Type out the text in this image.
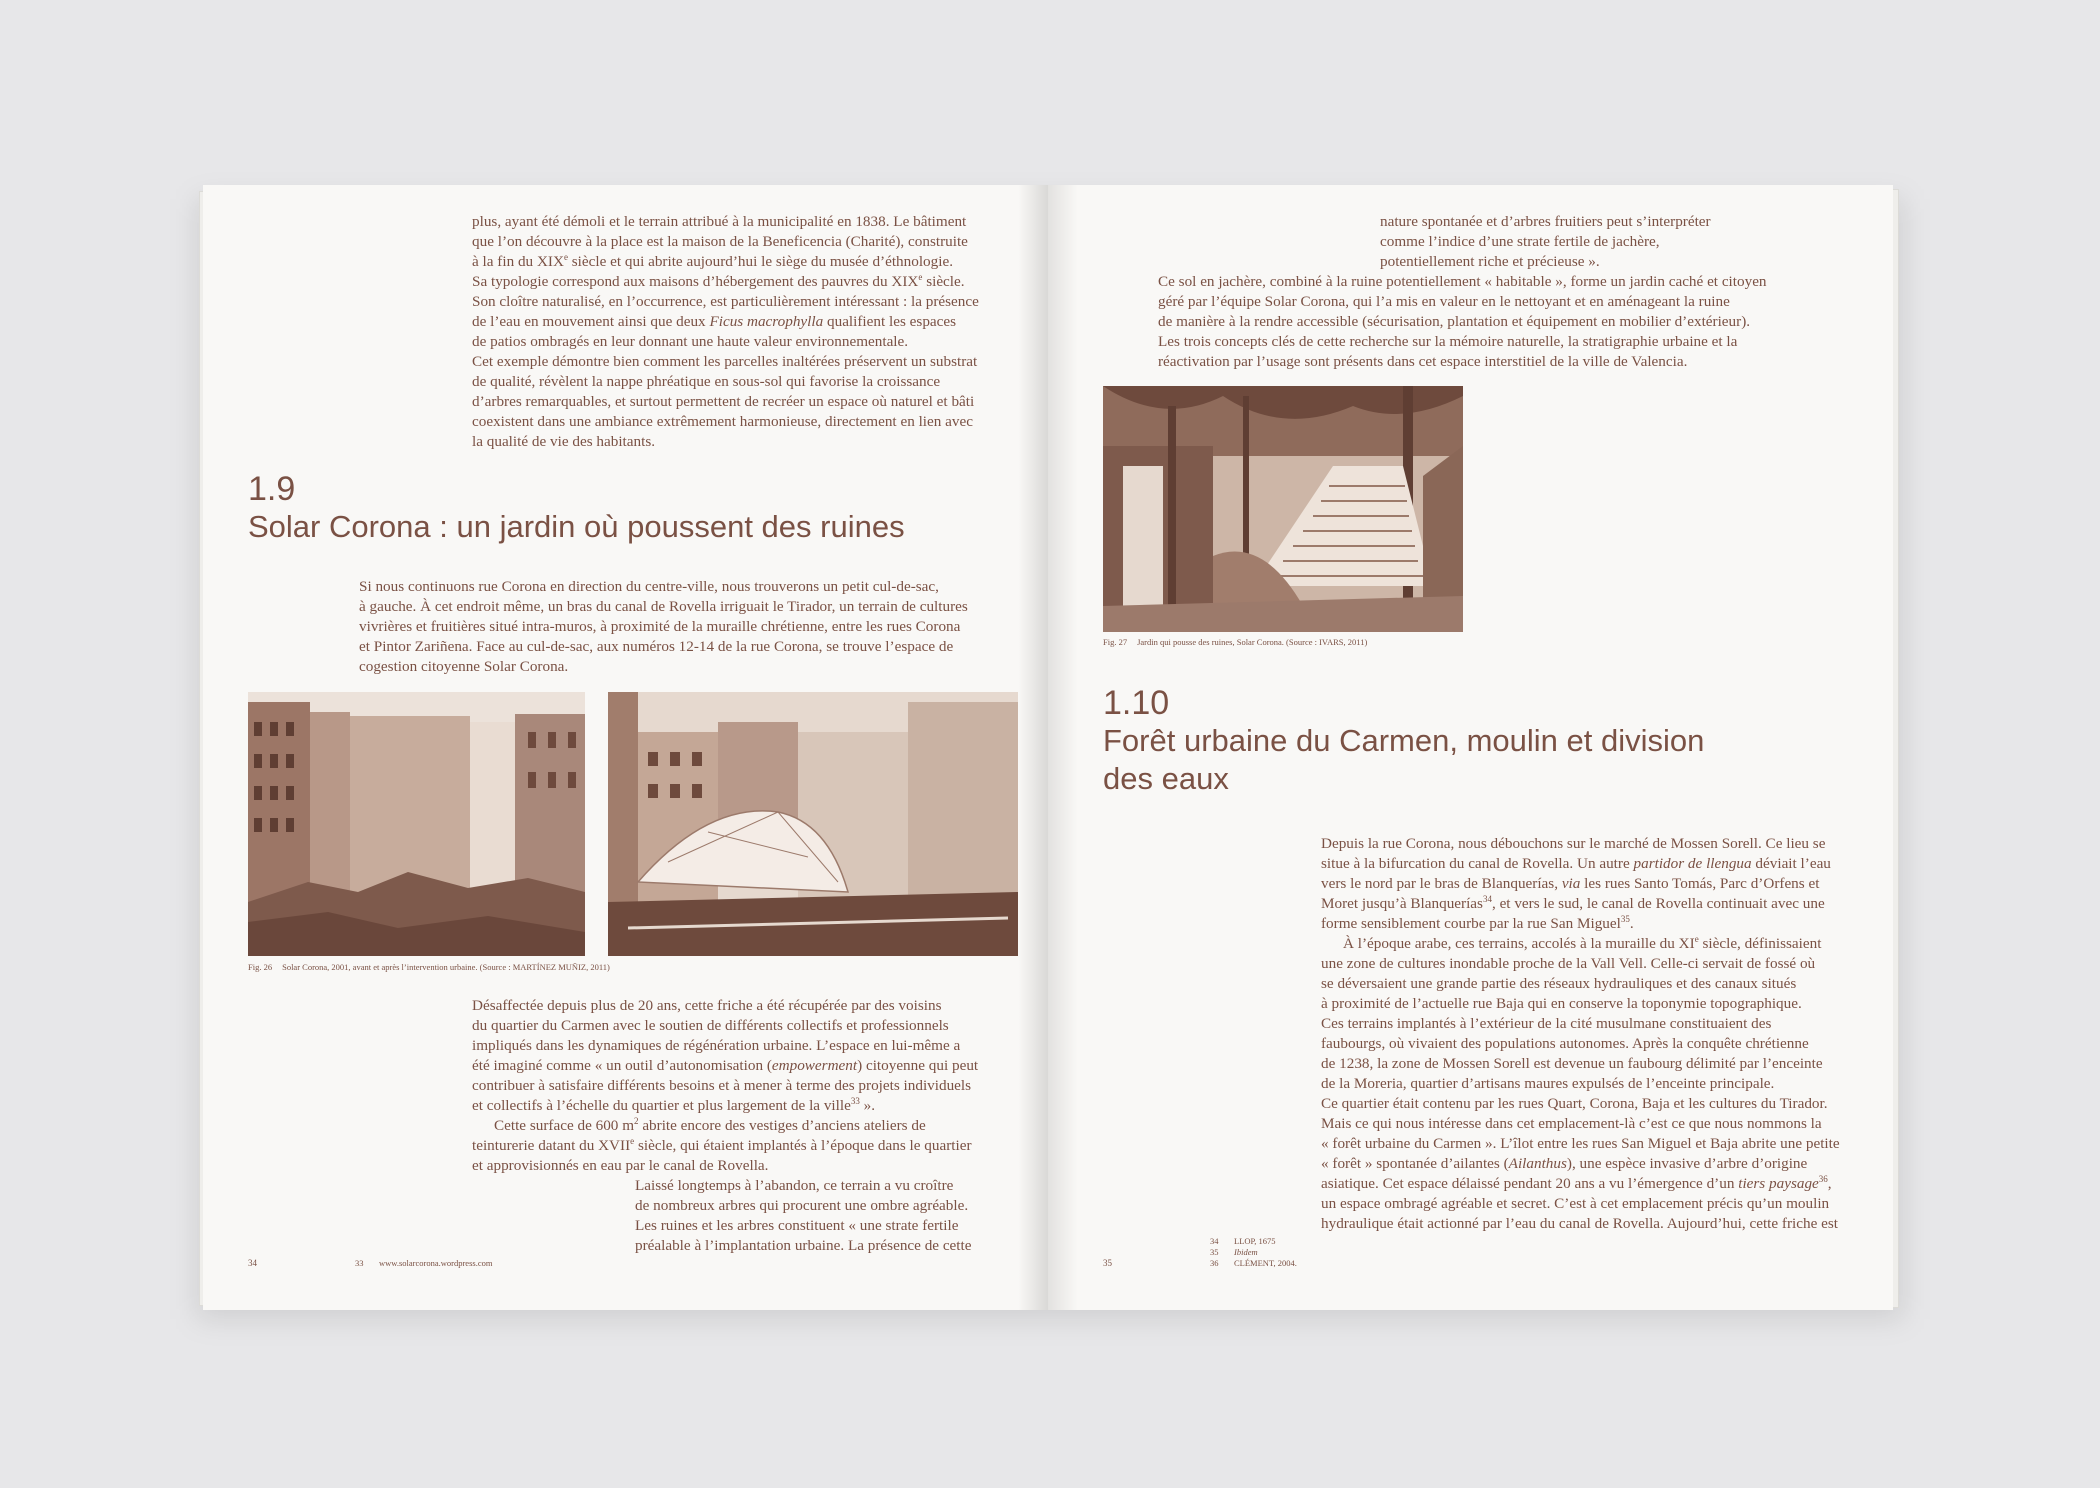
plus, ayant été démoli et le terrain attribué à la municipalité en 1838. Le bâtiment
que l’on découvre à la place est la maison de la Beneficencia (Charité), construite
à la fin du XIXe siècle et qui abrite aujourd’hui le siège du musée d’éthnologie.
Sa typologie correspond aux maisons d’hébergement des pauvres du XIXe siècle.
Son cloître naturalisé, en l’occurrence, est particulièrement intéressant : la présence
de l’eau en mouvement ainsi que deux Ficus macrophylla qualifient les espaces
de patios ombragés en leur donnant une haute valeur environnementale.
Cet exemple démontre bien comment les parcelles inaltérées préservent un substrat
de qualité, révèlent la nappe phréatique en sous-sol qui favorise la croissance
d’arbres remarquables, et surtout permettent de recréer un espace où naturel et bâti
coexistent dans une ambiance extrêmement harmonieuse, directement en lien avec
la qualité de vie des habitants.

1.9
Solar Corona : un jardin où poussent des ruines

Si nous continuons rue Corona en direction du centre-ville, nous trouverons un petit cul-de-sac,
à gauche. À cet endroit même, un bras du canal de Rovella irriguait le Tirador, un terrain de cultures
vivrières et fruitières situé intra-muros, à proximité de la muraille chrétienne, entre les rues Corona
et Pintor Zariñena. Face au cul-de-sac, aux numéros 12-14 de la rue Corona, se trouve l’espace de
cogestion citoyenne Solar Corona.

Fig. 26 Solar Corona, 2001, avant et après l’intervention urbaine. (Source : MARTÍNEZ MUÑIZ, 2011)

Désaffectée depuis plus de 20 ans, cette friche a été récupérée par des voisins
du quartier du Carmen avec le soutien de différents collectifs et professionnels
impliqués dans les dynamiques de régénération urbaine. L’espace en lui-même a
été imaginé comme « un outil d’autonomisation (empowerment) citoyenne qui peut
contribuer à satisfaire différents besoins et à mener à terme des projets individuels
et collectifs à l’échelle du quartier et plus largement de la ville$^{33}$ ».

Cette surface de 600 $m^2$ abrite encore des vestiges d’anciens ateliers de
teinturerie datant du XVIIe siècle, qui étaient implantés à l’époque dans le quartier
et approvisionnés en eau par le canal de Rovella.

Laissé longtemps à l’abandon, ce terrain a vu croître
de nombreux arbres qui procurent une ombre agréable.
Les ruines et les arbres constituent « une strate fertile
préalable à l’implantation urbaine. La présence de cette

34	33 www.solarcorona.wordpress.com

nature spontanée et d’arbres fruitiers peut s’interpréter
comme l’indice d’une strate fertile de jachère,
potentiellement riche et précieuse ».

Ce sol en jachère, combiné à la ruine potentiellement « habitable », forme un jardin caché et citoyen
géré par l’équipe Solar Corona, qui l’a mis en valeur en le nettoyant et en aménageant la ruine
de manière à la rendre accessible (sécurisation, plantation et équipement en mobilier d’extérieur).
Les trois concepts clés de cette recherche sur la mémoire naturelle, la stratigraphie urbaine et la
réactivation par l’usage sont présents dans cet espace interstitiel de la ville de Valencia.

Fig. 27 Jardin qui pousse des ruines, Solar Corona. (Source : IVARS, 2011)
1.10
Forêt urbaine du Carmen, moulin et division
des eaux

Depuis la rue Corona, nous débouchons sur le marché de Mossen Sorell. Ce lieu se
situe à la bifurcation du canal de Rovella. Un autre partidor de llengua déviait l’eau
vers le nord par le bras de Blanquerías, via les rues Santo Tomás, Parc d’Orfens et
Moret jusqu’à Blanquerías$^{34}$, et vers le sud, le canal de Rovella continuait avec une
forme sensiblement courbe par la rue San Miguel$^{35}$.

À l’époque arabe, ces terrains, accolés à la muraille du XIe siècle, définissaient
une zone de cultures inondable proche de la Vall Vell. Celle-ci servait de fossé où
se déversaient une grande partie des réseaux hydrauliques et des canaux situés
à proximité de l’actuelle rue Baja qui en conserve la toponymie topographique.
Ces terrains implantés à l’extérieur de la cité musulmane constituaient des
faubourgs, où vivaient des populations autonomes. Après la conquête chrétienne
de 1238, la zone de Mossen Sorell est devenue un faubourg délimité par l’enceinte
de la Moreria, quartier d’artisans maures expulsés de l’enceinte principale.
Ce quartier était contenu par les rues Quart, Corona, Baja et les cultures du Tirador.
Mais ce qui nous intéresse dans cet emplacement-là c’est ce que nous nommons la
« forêt urbaine du Carmen ». L’îlot entre les rues San Miguel et Baja abrite une petite
« forêt » spontanée d’ailantes (Ailanthus), une espèce invasive d’arbre d’origine
asiatique. Cet espace délaissé pendant 20 ans a vu l’émergence d’un tiers paysage$^{36}$,
un espace ombragé agréable et secret. C’est à cet emplacement précis qu’un moulin
hydraulique était actionné par l’eau du canal de Rovella. Aujourd’hui, cette friche est

35
34 LLOP, 1675
35 Ibidem
36 CLÉMENT, 2004.
